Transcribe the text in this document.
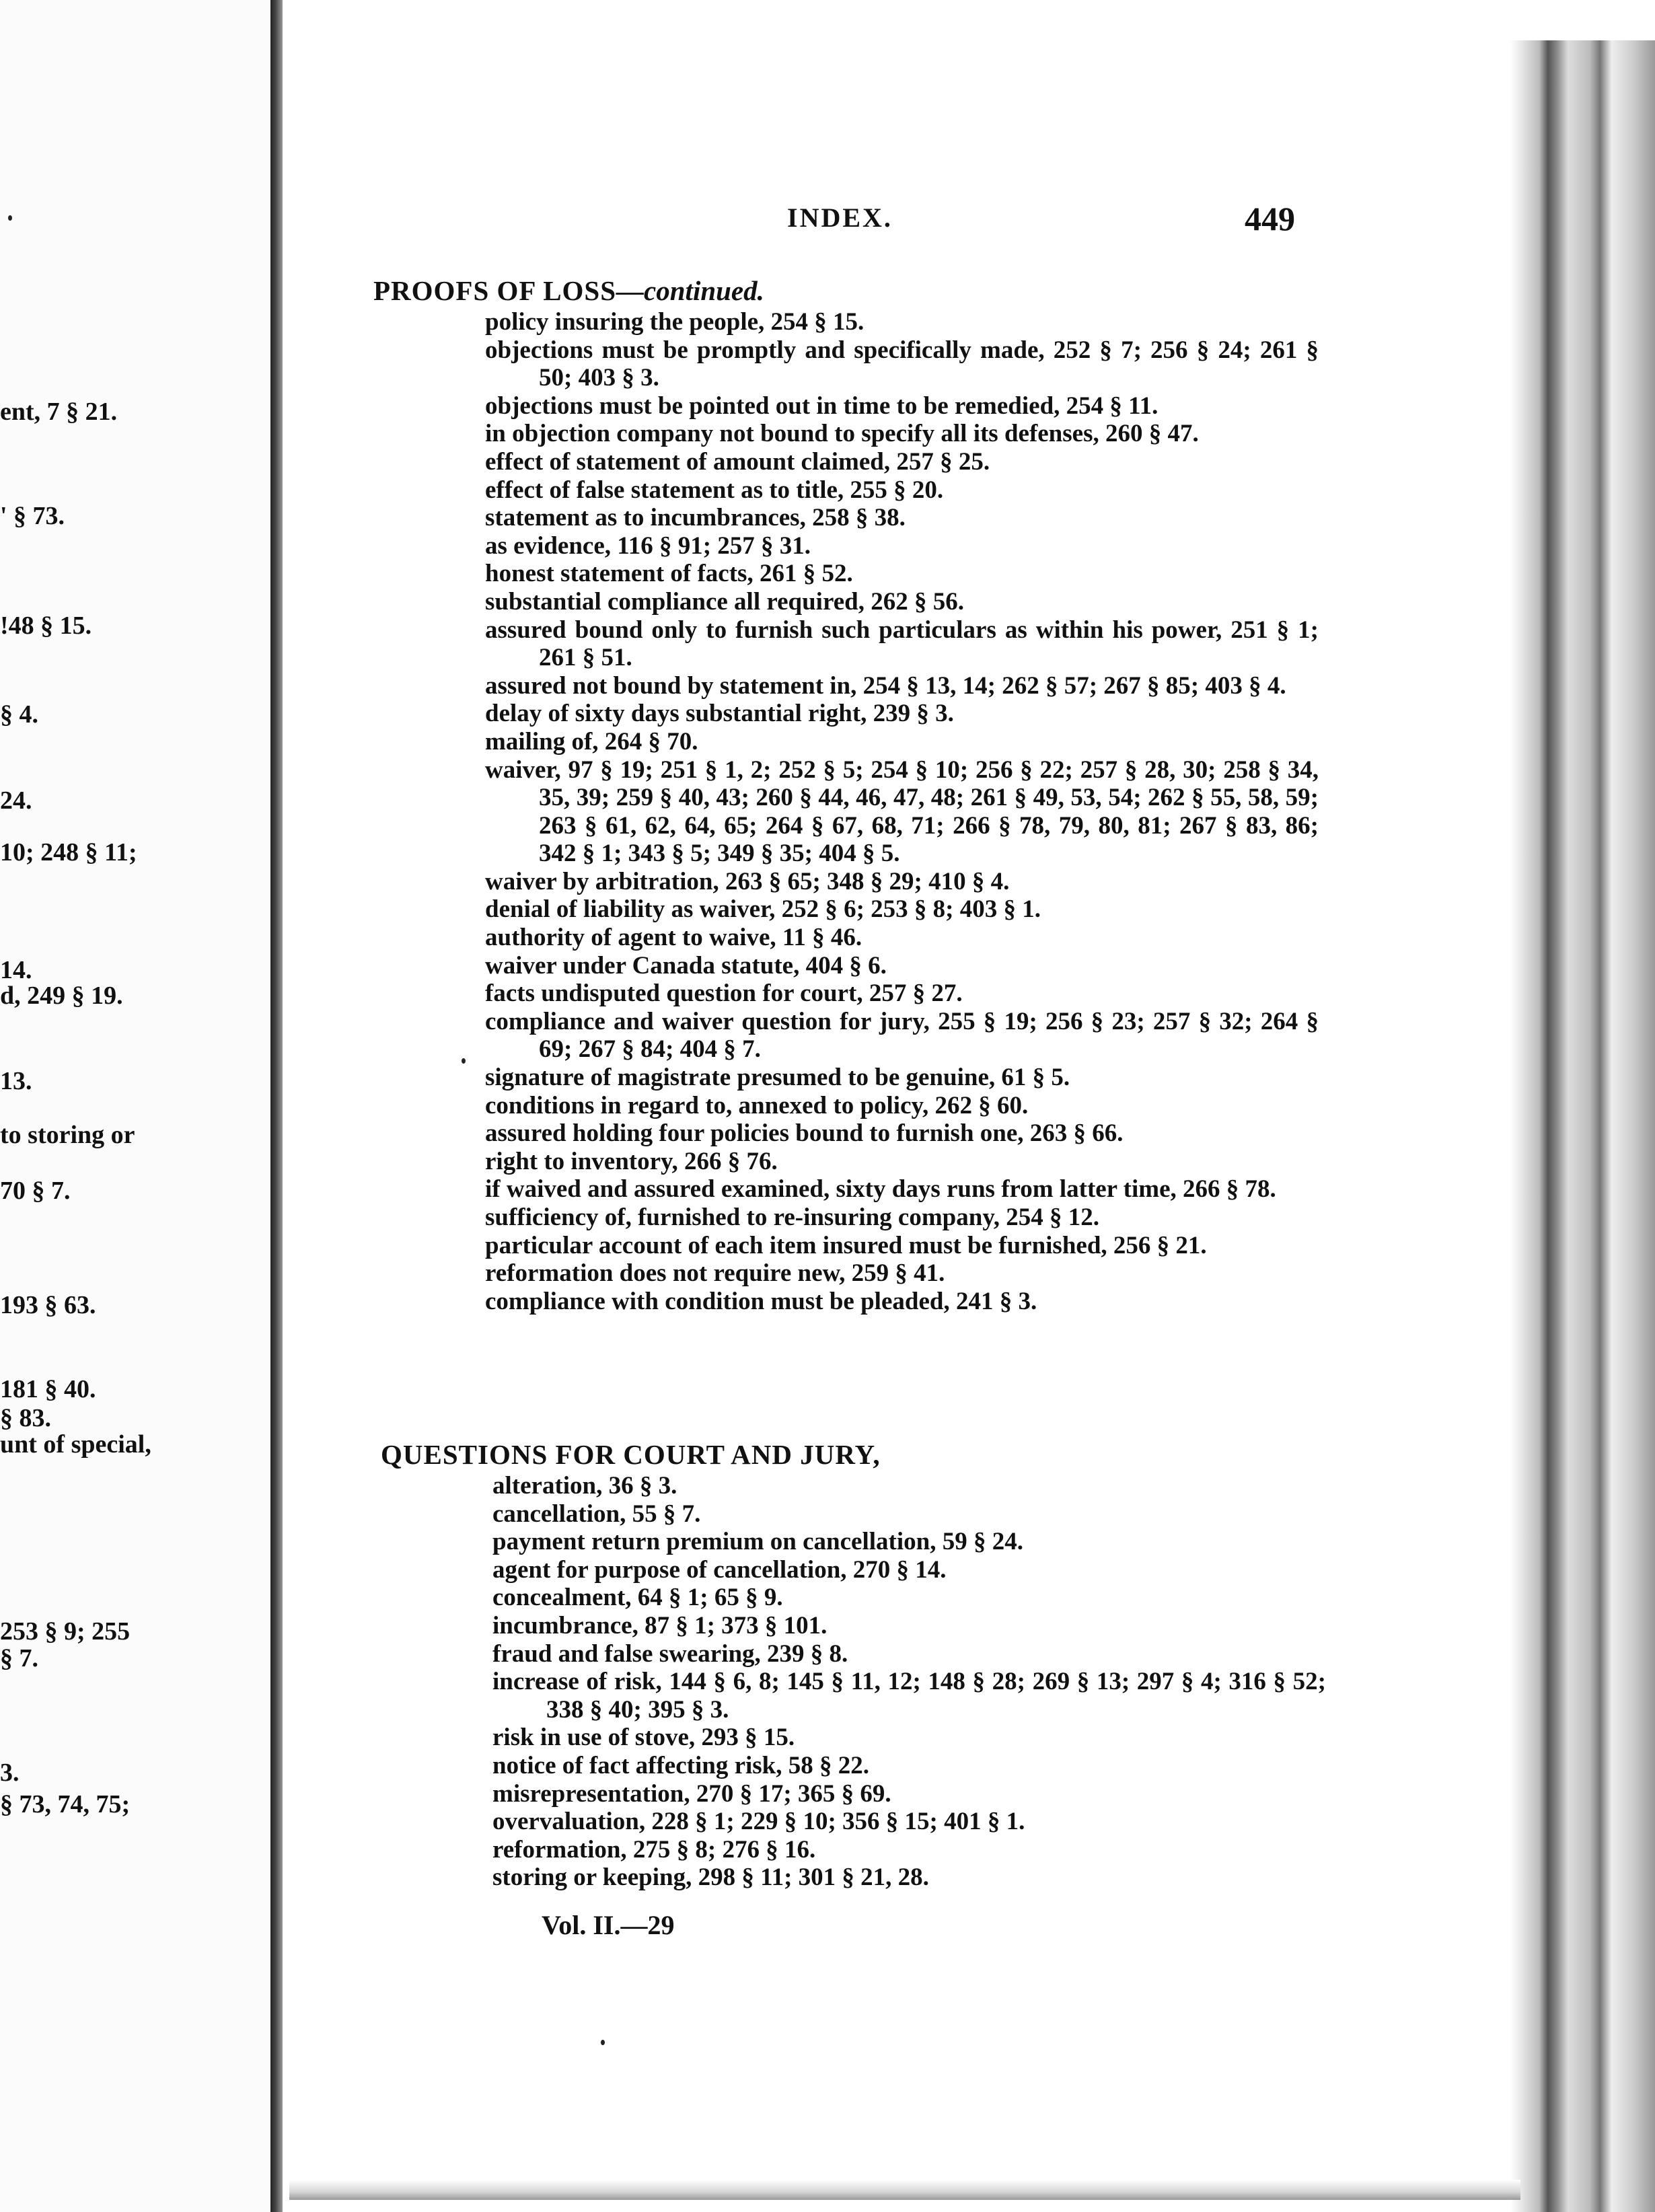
ent, 7 § 21.
' § 73.
!48 § 15.
§ 4.
24.
10; 248 § 11;
14.
d, 249 § 19.
13.
to storing or
70 § 7.
193 § 63.
181 § 40.
§ 83.
unt of special,
253 § 9; 255
§ 7.
3.
§ 73, 74, 75;
INDEX.	449
PROOFS OF LOSS—continued.
policy insuring the people, 254 § 15.
objections must be promptly and specifically made, 252 § 7; 256 § 24; 261 § 50; 403 § 3.
objections must be pointed out in time to be remedied, 254 § 11.
in objection company not bound to specify all its defenses, 260 § 47.
effect of statement of amount claimed, 257 § 25.
effect of false statement as to title, 255 § 20.
statement as to incumbrances, 258 § 38.
as evidence, 116 § 91; 257 § 31.
honest statement of facts, 261 § 52.
substantial compliance all required, 262 § 56.
assured bound only to furnish such particulars as within his power, 251 § 1; 261 § 51.
assured not bound by statement in, 254 § 13, 14; 262 § 57; 267 § 85; 403 § 4.
delay of sixty days substantial right, 239 § 3.
mailing of, 264 § 70.
waiver, 97 § 19; 251 § 1, 2; 252 § 5; 254 § 10; 256 § 22; 257 § 28, 30; 258 § 34, 35, 39; 259 § 40, 43; 260 § 44, 46, 47, 48; 261 § 49, 53, 54; 262 § 55, 58, 59; 263 § 61, 62, 64, 65; 264 § 67, 68, 71; 266 § 78, 79, 80, 81; 267 § 83, 86; 342 § 1; 343 § 5; 349 § 35; 404 § 5.
waiver by arbitration, 263 § 65; 348 § 29; 410 § 4.
denial of liability as waiver, 252 § 6; 253 § 8; 403 § 1.
authority of agent to waive, 11 § 46.
waiver under Canada statute, 404 § 6.
facts undisputed question for court, 257 § 27.
compliance and waiver question for jury, 255 § 19; 256 § 23; 257 § 32; 264 § 69; 267 § 84; 404 § 7.
signature of magistrate presumed to be genuine, 61 § 5.
conditions in regard to, annexed to policy, 262 § 60.
assured holding four policies bound to furnish one, 263 § 66.
right to inventory, 266 § 76.
if waived and assured examined, sixty days runs from latter time, 266 § 78.
sufficiency of, furnished to re-insuring company, 254 § 12.
particular account of each item insured must be furnished, 256 § 21.
reformation does not require new, 259 § 41.
compliance with condition must be pleaded, 241 § 3.
QUESTIONS FOR COURT AND JURY,
alteration, 36 § 3.
cancellation, 55 § 7.
payment return premium on cancellation, 59 § 24.
agent for purpose of cancellation, 270 § 14.
concealment, 64 § 1; 65 § 9.
incumbrance, 87 § 1; 373 § 101.
fraud and false swearing, 239 § 8.
increase of risk, 144 § 6, 8; 145 § 11, 12; 148 § 28; 269 § 13; 297 § 4; 316 § 52; 338 § 40; 395 § 3.
risk in use of stove, 293 § 15.
notice of fact affecting risk, 58 § 22.
misrepresentation, 270 § 17; 365 § 69.
overvaluation, 228 § 1; 229 § 10; 356 § 15; 401 § 1.
reformation, 275 § 8; 276 § 16.
storing or keeping, 298 § 11; 301 § 21, 28.
Vol. II.—29
